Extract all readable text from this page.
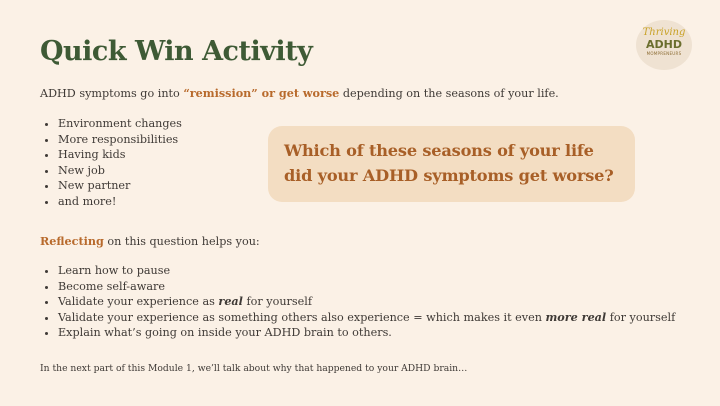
Quick Win Activity
Thriving
ADHD
MOMPRENEURS

ADHD symptoms go into “remission” or get worse depending on the seasons of your life.

• Environment changes
• More responsibilities
• Having kids
• New job
• New partner
• and more!

Which of these seasons of your life did your ADHD symptoms get worse?

Reflecting on this question helps you:

• Learn how to pause
• Become self-aware
• Validate your experience as real for yourself
• Validate your experience as something others also experience = which makes it even more real for yourself
• Explain what’s going on inside your ADHD brain to others.

In the next part of this Module 1, we’ll talk about why that happened to your ADHD brain…
